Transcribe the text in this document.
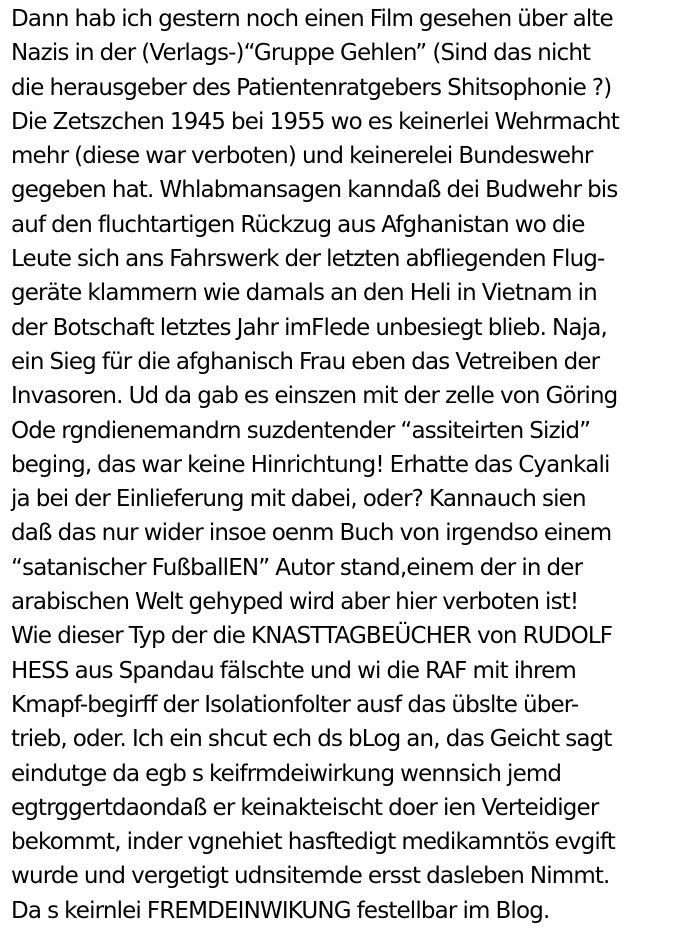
Dann hab ich gestern noch einen Film gesehen über alte
Nazis in der (Verlags-)“Gruppe Gehlen” (Sind das nicht
die herausgeber des Patientenratgebers Shitsophonie ?)
Die Zetszchen 1945 bei 1955 wo es keinerlei Wehrmacht
mehr (diese war verboten) und keinerelei Bundeswehr
gegeben hat. Whlabmansagen kanndaß dei Budwehr bis
auf den fluchtartigen Rückzug aus Afghanistan wo die
Leute sich ans Fahrswerk der letzten abfliegenden Flug-
geräte klammern wie damals an den Heli in Vietnam in
der Botschaft letztes Jahr imFlede unbesiegt blieb. Naja,
ein Sieg für die afghanisch Frau eben das Vetreiben der
Invasoren. Ud da gab es einszen mit der zelle von Göring
Ode rgndienemandrn suzdentender “assiteirten Sizid”
beging, das war keine Hinrichtung! Erhatte das Cyankali
ja bei der Einlieferung mit dabei, oder? Kannauch sien
daß das nur wider insoe oenm Buch von irgendso einem
“satanischer FußballEN” Autor stand,einem der in der
arabischen Welt gehyped wird aber hier verboten ist!
Wie dieser Typ der die KNASTTAGBEÜCHER von RUDOLF
HESS aus Spandau fälschte und wi die RAF mit ihrem
Kmapf-begirff der Isolationfolter ausf das übslte über-
trieb, oder. Ich ein shcut ech ds bLog an, das Geicht sagt
eindutge da egb s keifrmdeiwirkung wennsich jemd
egtrggertdaondaß er keinakteischt doer ien Verteidiger
bekommt, inder vgnehiet hasftedigt medikamntös evgift
wurde und vergetigt udnsitemde ersst dasleben Nimmt.
Da s keirnlei FREMDEINWIKUNG festellbar im Blog.
